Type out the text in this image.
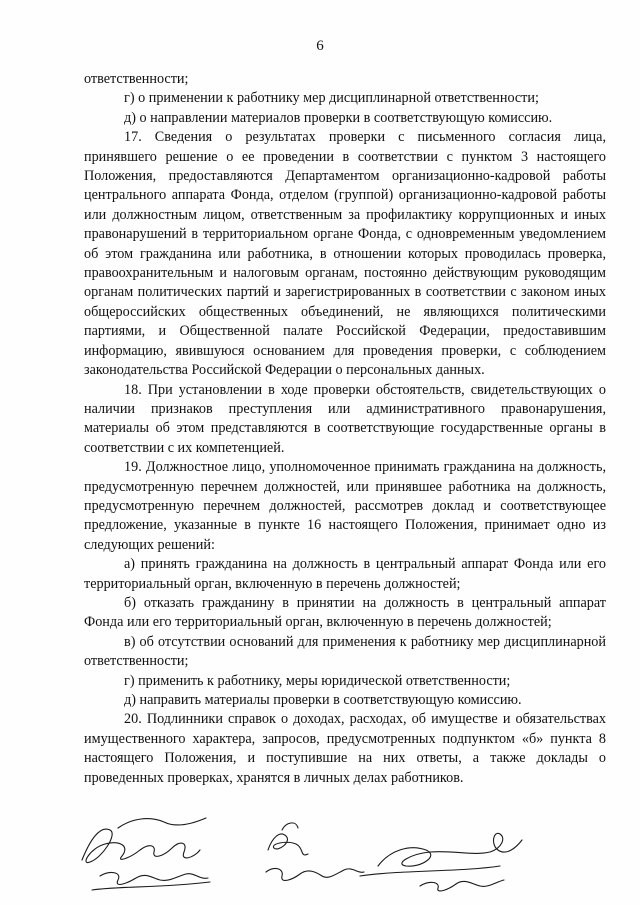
6

ответственности;

г) о применении к работнику мер дисциплинарной ответственности;

д) о направлении материалов проверки в соответствующую комиссию.

17. Сведения о результатах проверки с письменного согласия лица, принявшего решение о ее проведении в соответствии с пунктом 3 настоящего Положения, предоставляются Департаментом организационно-кадровой работы центрального аппарата Фонда, отделом (группой) организационно-кадровой работы или должностным лицом, ответственным за профилактику коррупционных и иных правонарушений в территориальном органе Фонда, с одновременным уведомлением об этом гражданина или работника, в отношении которых проводилась проверка, правоохранительным и налоговым органам, постоянно действующим руководящим органам политических партий и зарегистрированных в соответствии с законом иных общероссийских общественных объединений, не являющихся политическими партиями, и Общественной палате Российской Федерации, предоставившим информацию, явившуюся основанием для проведения проверки, с соблюдением законодательства Российской Федерации о персональных данных.

18. При установлении в ходе проверки обстоятельств, свидетельствующих о наличии признаков преступления или административного правонарушения, материалы об этом представляются в соответствующие государственные органы в соответствии с их компетенцией.

19. Должностное лицо, уполномоченное принимать гражданина на должность, предусмотренную перечнем должностей, или принявшее работника на должность, предусмотренную перечнем должностей, рассмотрев доклад и соответствующее предложение, указанные в пункте 16 настоящего Положения, принимает одно из следующих решений:

а) принять гражданина на должность в центральный аппарат Фонда или его территориальный орган, включенную в перечень должностей;

б) отказать гражданину в принятии на должность в центральный аппарат Фонда или его территориальный орган, включенную в перечень должностей;

в) об отсутствии оснований для применения к работнику мер дисциплинарной ответственности;

г) применить к работнику, меры юридической ответственности;

д) направить материалы проверки в соответствующую комиссию.

20. Подлинники справок о доходах, расходах, об имуществе и обязательствах имущественного характера, запросов, предусмотренных подпунктом «б» пункта 8 настоящего Положения, и поступившие на них ответы, а также доклады о проведенных проверках, хранятся в личных делах работников.
